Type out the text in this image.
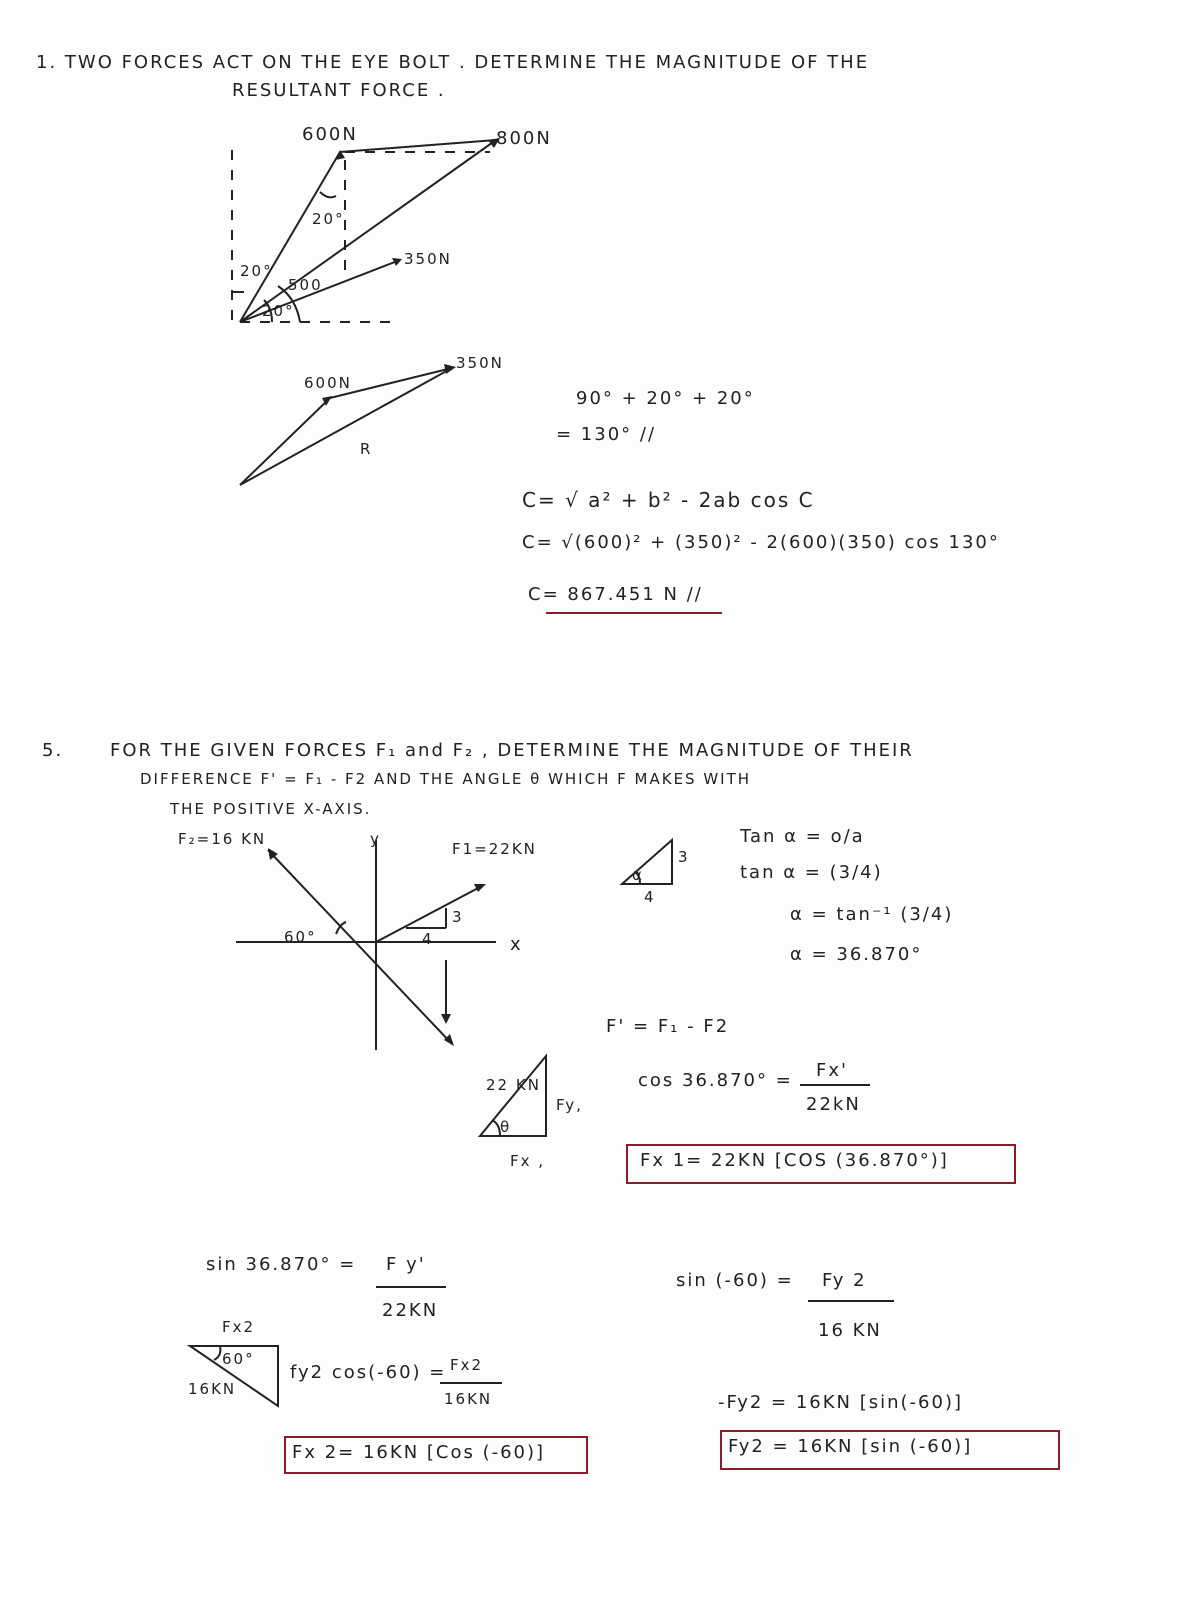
1. TWO FORCES ACT ON THE EYE BOLT . DETERMINE THE MAGNITUDE OF THE
RESULTANT FORCE .
600N	800N
350N
20°
20°
20°
500
600N
350N
R
90° + 20° + 20°
= 130° //
C= √ a² + b² - 2ab cos C
C= √(600)² + (350)² - 2(600)(350) cos 130°
C= 867.451 N //
5.	FOR THE GIVEN FORCES F₁ and F₂ , DETERMINE THE MAGNITUDE OF THEIR
DIFFERENCE F' = F₁ - F2 AND THE ANGLE θ WHICH F MAKES WITH
THE POSITIVE X-AXIS.
F₂=16 KN	y
x
F1=22KN
60°
3
4
α
3
4
Tan α = o/a
tan α = (3/4)
α = tan⁻¹ (3/4)
α = 36.870°
F' = F₁ - F2
cos 36.870° = Fx'
22kN
22 KN
θ
Fy,
Fx ,	Fx 1= 22KN [COS (36.870°)]
sin 36.870° = F y'
22KN
Fx2
60°
16KN
fy2 cos(-60) = Fx2
16KN
Fx 2= 16KN [Cos (-60)]
sin (-60) = Fy 2
16 KN
-Fy2 = 16KN [sin(-60)]
Fy2 = 16KN [sin (-60)]
